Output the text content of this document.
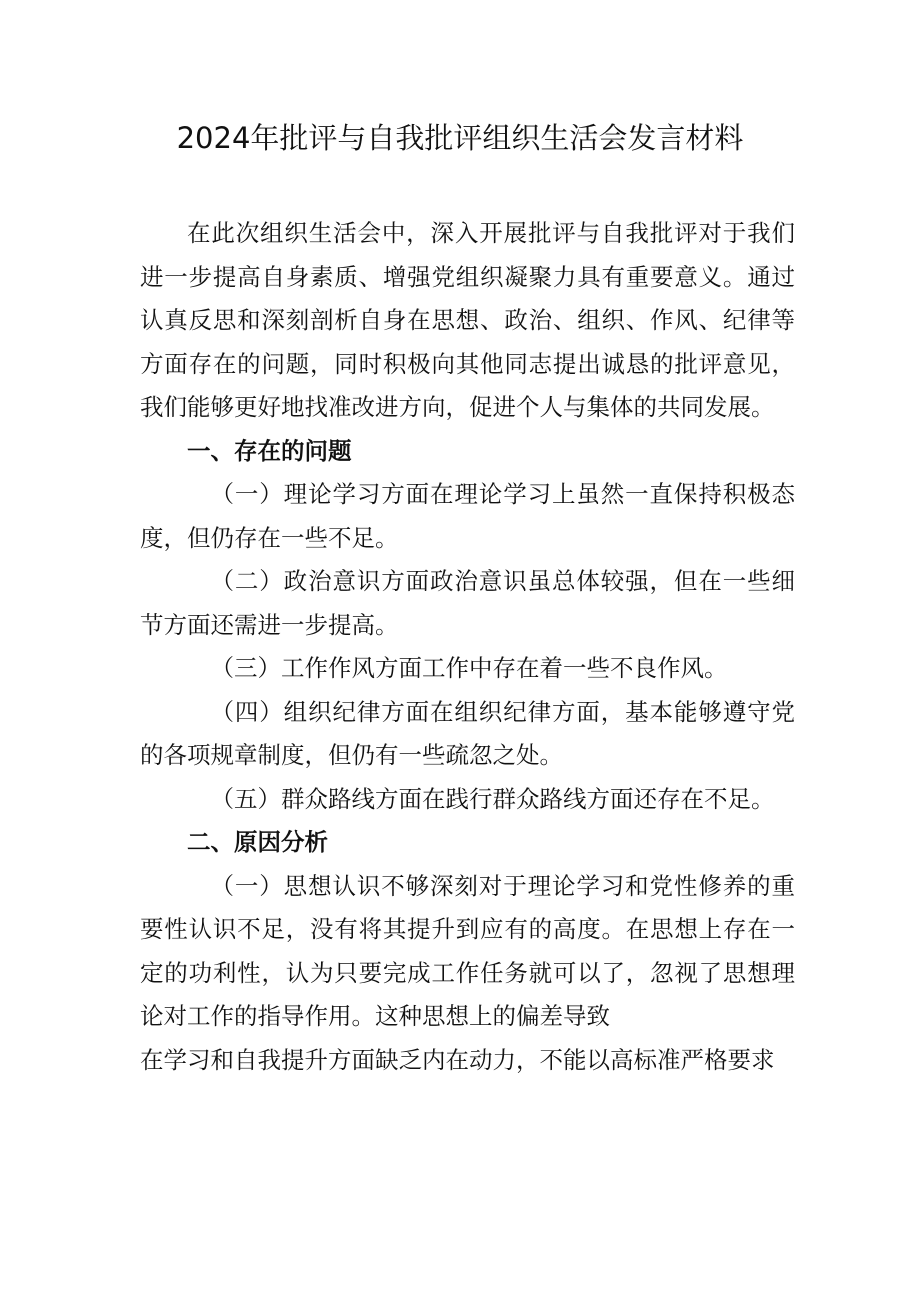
2024年批评与自我批评组织生活会发言材料

在此次组织生活会中，深入开展批评与自我批评对于我们进一步提高自身素质、增强党组织凝聚力具有重要意义。通过认真反思和深刻剖析自身在思想、政治、组织、作风、纪律等方面存在的问题，同时积极向其他同志提出诚恳的批评意见，我们能够更好地找准改进方向，促进个人与集体的共同发展。

一、存在的问题

（一）理论学习方面在理论学习上虽然一直保持积极态度，但仍存在一些不足。

（二）政治意识方面政治意识虽总体较强，但在一些细节方面还需进一步提高。

（三）工作作风方面工作中存在着一些不良作风。

（四）组织纪律方面在组织纪律方面，基本能够遵守党的各项规章制度，但仍有一些疏忽之处。

（五）群众路线方面在践行群众路线方面还存在不足。

二、原因分析

（一）思想认识不够深刻对于理论学习和党性修养的重要性认识不足，没有将其提升到应有的高度。在思想上存在一定的功利性，认为只要完成工作任务就可以了，忽视了思想理论对工作的指导作用。这种思想上的偏差导致

在学习和自我提升方面缺乏内在动力，不能以高标准严格要求
